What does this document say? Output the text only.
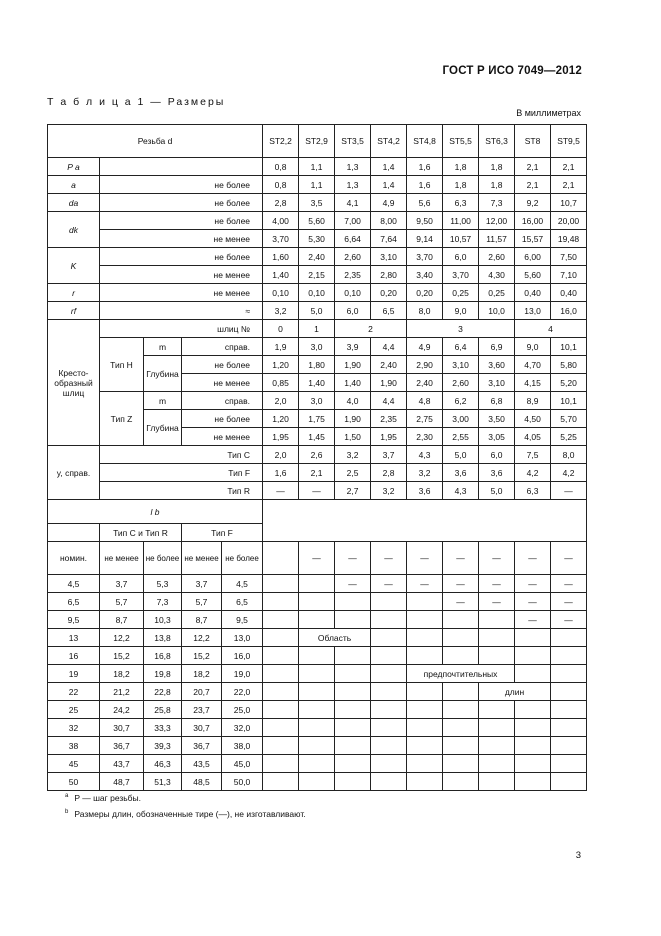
ГОСТ Р ИСО 7049—2012
Т а б л и ц а 1 — Размеры
В миллиметрах
Резьба d					ST2,2	ST2,9	ST3,5	ST4,2	ST4,8	ST5,5	ST6,3	ST8	ST9,5
P a					0,8	1,1	1,3	1,4	1,6	1,8	1,8	2,1	2,1
a	не более				0,8	1,1	1,3	1,4	1,6	1,8	1,8	2,1	2,1
da	не более				2,8	3,5	4,1	4,9	5,6	6,3	7,3	9,2	10,7
dk	не более				4,00	5,60	7,00	8,00	9,50	11,00	12,00	16,00	20,00
	не менее				3,70	5,30	6,64	7,64	9,14	10,57	11,57	15,57	19,48
K	не более				1,60	2,40	2,60	3,10	3,70	6,0	2,60	6,00	7,50
	не менее				1,40	2,15	2,35	2,80	3,40	3,70	4,30	5,60	7,10
r	не менее				0,10	0,10	0,10	0,20	0,20	0,25	0,25	0,40	0,40
rf	≈				3,2	5,0	6,0	6,5	8,0	9,0	10,0	13,0	16,0
Кресто-образный шлиц	шлиц №				0	1	2		3			4	
	Тип H	m	справ.		1,9	3,0	3,9	4,4	4,9	6,4	6,9	9,0	10,1
		Глубина	не более		1,20	1,80	1,90	2,40	2,90	3,10	3,60	4,70	5,80
			не менее		0,85	1,40	1,40	1,90	2,40	2,60	3,10	4,15	5,20
	Тип Z	m	справ.		2,0	3,0	4,0	4,4	4,8	6,2	6,8	8,9	10,1
		Глубина	не более		1,20	1,75	1,90	2,35	2,75	3,00	3,50	4,50	5,70
			не менее		1,95	1,45	1,50	1,95	2,30	2,55	3,05	4,05	5,25
y, справ.	Тип C				2,0	2,6	3,2	3,7	4,3	5,0	6,0	7,5	8,0
	Тип F				1,6	2,1	2,5	2,8	3,2	3,6	3,6	4,2	4,2
	Тип R				—	—	2,7	3,2	3,6	4,3	5,0	6,3	—
l b													
	Тип C и Тип R		Тип F										
номин.	не менее	не более	не менее	не более		—	—	—	—	—	—	—	—
4,5	3,7	5,3	3,7	4,5			—	—	—	—	—	—	—
6,5	5,7	7,3	5,7	6,5						—	—	—	—
9,5	8,7	10,3	8,7	9,5								—	—
13	12,2	13,8	12,2	13,0		Область							
16	15,2	16,8	15,2	16,0									
19	18,2	19,8	18,2	19,0					предпочтительных				
22	21,2	22,8	20,7	22,0							длин		
25	24,2	25,8	23,7	25,0									
32	30,7	33,3	30,7	32,0									
38	36,7	39,3	36,7	38,0									
45	43,7	46,3	43,5	45,0									
50	48,7	51,3	48,5	50,0									
$^a$ P — шаг резьбы.
$^b$ Размеры длин, обозначенные тире (—), не изготавливают.
3
